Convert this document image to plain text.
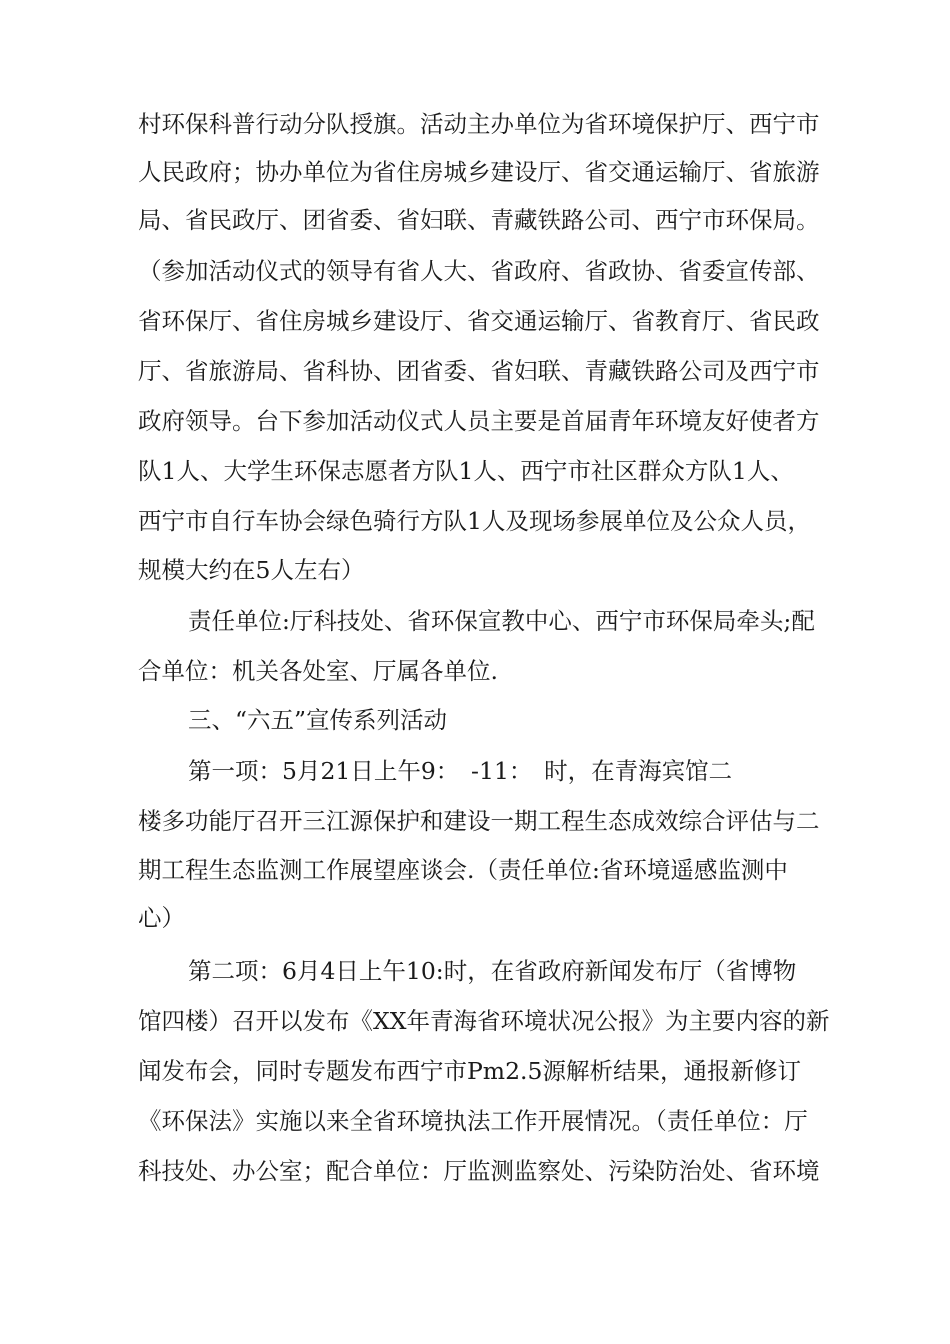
村环保科普行动分队授旗。活动主办单位为省环境保护厅、西宁市
人民政府；协办单位为省住房城乡建设厅、省交通运输厅、省旅游
局、省民政厅、团省委、省妇联、青藏铁路公司、西宁市环保局。
（参加活动仪式的领导有省人大、省政府、省政协、省委宣传部、
省环保厅、省住房城乡建设厅、省交通运输厅、省教育厅、省民政
厅、省旅游局、省科协、团省委、省妇联、青藏铁路公司及西宁市
政府领导。台下参加活动仪式人员主要是首届青年环境友好使者方
队1人、大学生环保志愿者方队1人、西宁市社区群众方队1人、
西宁市自行车协会绿色骑行方队1人及现场参展单位及公众人员，
规模大约在5人左右）
责任单位:厅科技处、省环保宣教中心、西宁市环保局牵头;配
合单位：机关各处室、厅属各单位.
三、“六五”宣传系列活动
第一项：5月21日上午9：　-11：　时，在青海宾馆二
楼多功能厅召开三江源保护和建设一期工程生态成效综合评估与二
期工程生态监测工作展望座谈会.（责任单位:省环境遥感监测中
心）
第二项：6月4日上午10:时，在省政府新闻发布厅（省博物
馆四楼）召开以发布《XX年青海省环境状况公报》为主要内容的新
闻发布会，同时专题发布西宁市Pm2.5源解析结果，通报新修订
《环保法》实施以来全省环境执法工作开展情况。（责任单位：厅
科技处、办公室；配合单位：厅监测监察处、污染防治处、省环境
